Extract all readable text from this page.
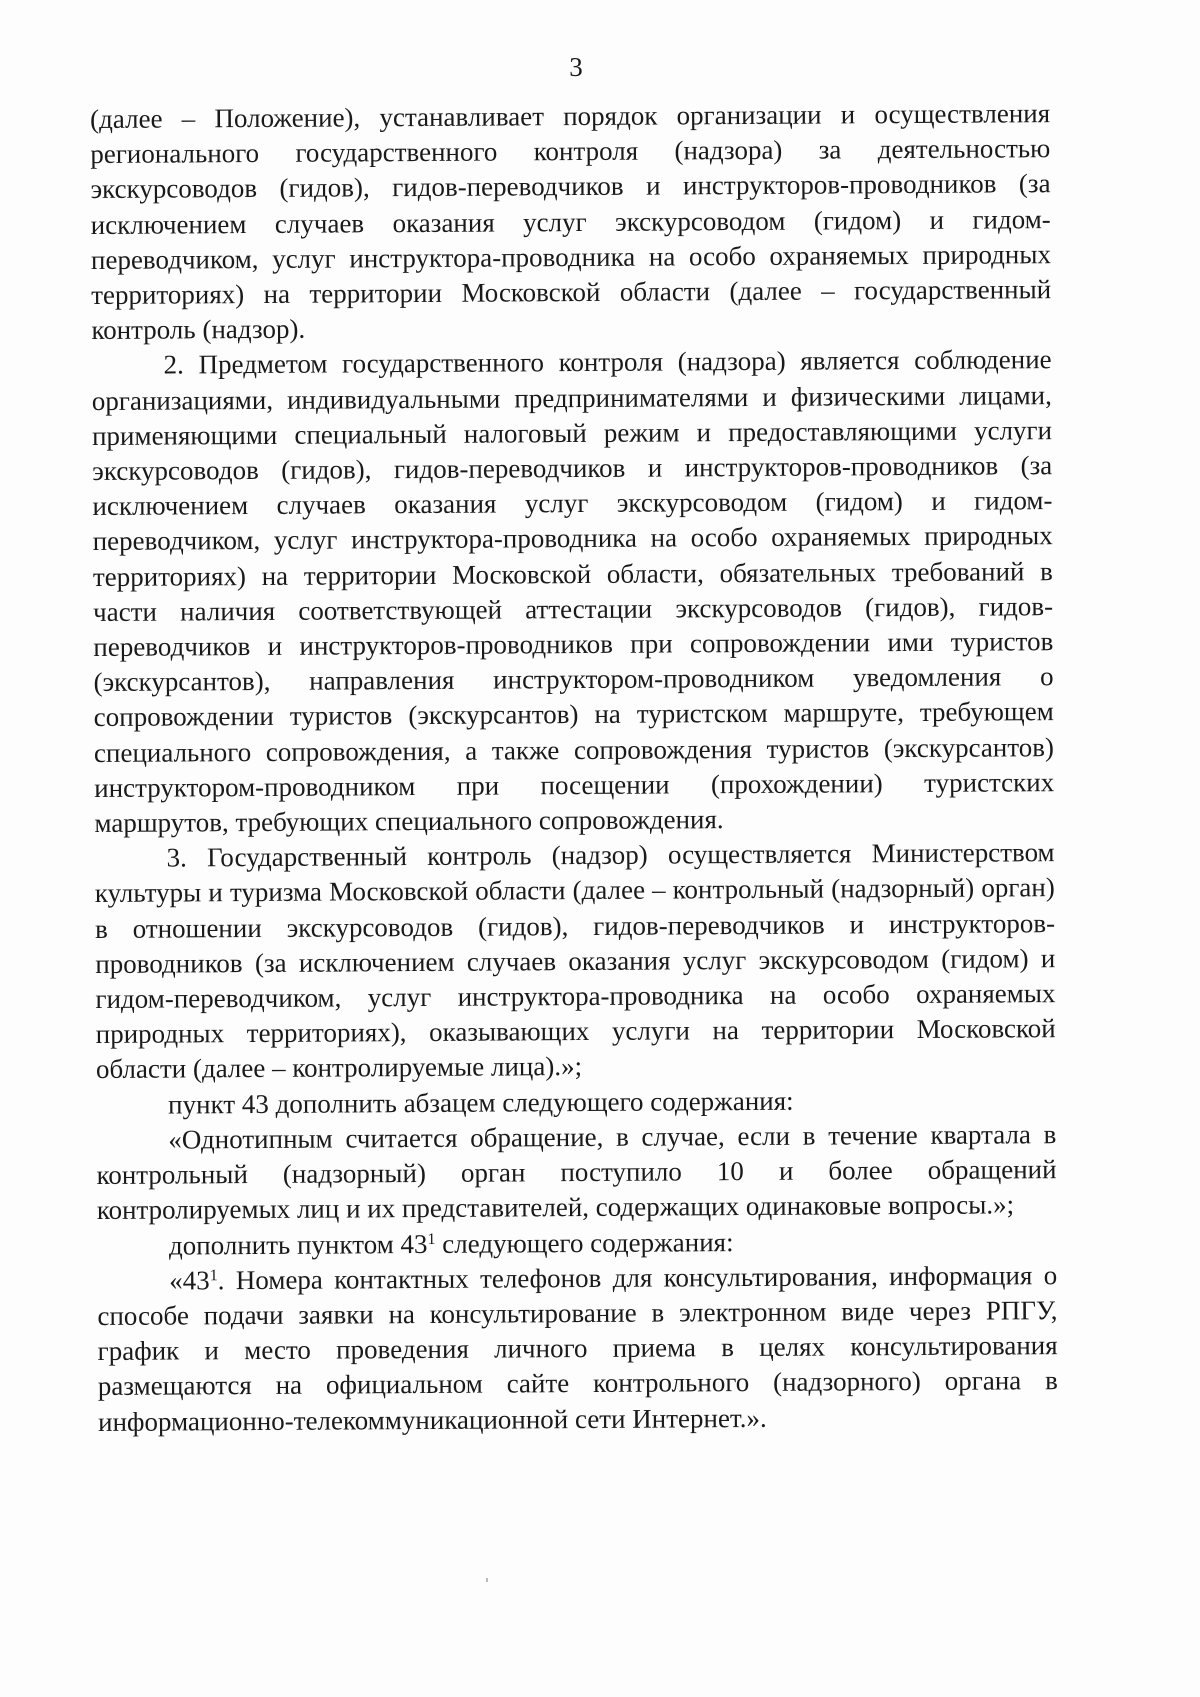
3

(далее – Положение), устанавливает порядок организации и осуществления регионального государственного контроля (надзора) за деятельностью экскурсоводов (гидов), гидов-переводчиков и инструкторов-проводников (за исключением случаев оказания услуг экскурсоводом (гидом) и гидом-переводчиком, услуг инструктора-проводника на особо охраняемых природных территориях) на территории Московской области (далее – государственный контроль (надзор).

2. Предметом государственного контроля (надзора) является соблюдение организациями, индивидуальными предпринимателями и физическими лицами, применяющими специальный налоговый режим и предоставляющими услуги экскурсоводов (гидов), гидов-переводчиков и инструкторов-проводников (за исключением случаев оказания услуг экскурсоводом (гидом) и гидом-переводчиком, услуг инструктора-проводника на особо охраняемых природных территориях) на территории Московской области, обязательных требований в части наличия соответствующей аттестации экскурсоводов (гидов), гидов-переводчиков и инструкторов-проводников при сопровождении ими туристов (экскурсантов), направления инструктором-проводником уведомления о сопровождении туристов (экскурсантов) на туристском маршруте, требующем специального сопровождения, а также сопровождения туристов (экскурсантов) инструктором-проводником при посещении (прохождении) туристских маршрутов, требующих специального сопровождения.

3. Государственный контроль (надзор) осуществляется Министерством культуры и туризма Московской области (далее – контрольный (надзорный) орган) в отношении экскурсоводов (гидов), гидов-переводчиков и инструкторов-проводников (за исключением случаев оказания услуг экскурсоводом (гидом) и гидом-переводчиком, услуг инструктора-проводника на особо охраняемых природных территориях), оказывающих услуги на территории Московской области (далее – контролируемые лица).»;

пункт 43 дополнить абзацем следующего содержания:

«Однотипным считается обращение, в случае, если в течение квартала в контрольный (надзорный) орган поступило 10 и более обращений контролируемых лиц и их представителей, содержащих одинаковые вопросы.»;

дополнить пунктом $43^1$ следующего содержания:

«$43^1$. Номера контактных телефонов для консультирования, информация о способе подачи заявки на консультирование в электронном виде через РПГУ, график и место проведения личного приема в целях консультирования размещаются на официальном сайте контрольного (надзорного) органа в информационно-телекоммуникационной сети Интернет.».
